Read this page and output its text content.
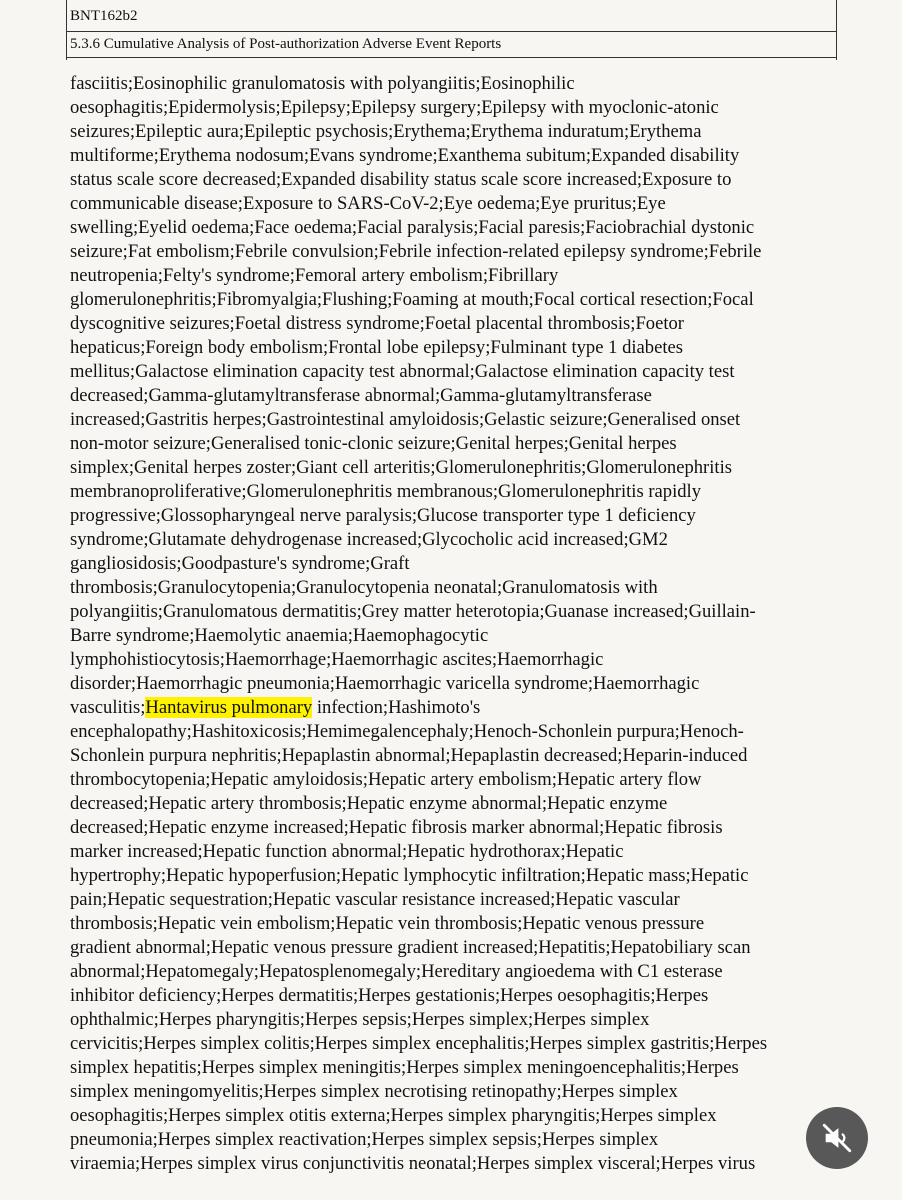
BNT162b2
5.3.6 Cumulative Analysis of Post-authorization Adverse Event Reports
fasciitis;Eosinophilic granulomatosis with polyangiitis;Eosinophilic
oesophagitis;Epidermolysis;Epilepsy;Epilepsy surgery;Epilepsy with myoclonic-atonic
seizures;Epileptic aura;Epileptic psychosis;Erythema;Erythema induratum;Erythema
multiforme;Erythema nodosum;Evans syndrome;Exanthema subitum;Expanded disability
status scale score decreased;Expanded disability status scale score increased;Exposure to
communicable disease;Exposure to SARS-CoV-2;Eye oedema;Eye pruritus;Eye
swelling;Eyelid oedema;Face oedema;Facial paralysis;Facial paresis;Faciobrachial dystonic
seizure;Fat embolism;Febrile convulsion;Febrile infection-related epilepsy syndrome;Febrile
neutropenia;Felty's syndrome;Femoral artery embolism;Fibrillary
glomerulonephritis;Fibromyalgia;Flushing;Foaming at mouth;Focal cortical resection;Focal
dyscognitive seizures;Foetal distress syndrome;Foetal placental thrombosis;Foetor
hepaticus;Foreign body embolism;Frontal lobe epilepsy;Fulminant type 1 diabetes
mellitus;Galactose elimination capacity test abnormal;Galactose elimination capacity test
decreased;Gamma-glutamyltransferase abnormal;Gamma-glutamyltransferase
increased;Gastritis herpes;Gastrointestinal amyloidosis;Gelastic seizure;Generalised onset
non-motor seizure;Generalised tonic-clonic seizure;Genital herpes;Genital herpes
simplex;Genital herpes zoster;Giant cell arteritis;Glomerulonephritis;Glomerulonephritis
membranoproliferative;Glomerulonephritis membranous;Glomerulonephritis rapidly
progressive;Glossopharyngeal nerve paralysis;Glucose transporter type 1 deficiency
syndrome;Glutamate dehydrogenase increased;Glycocholic acid increased;GM2
gangliosidosis;Goodpasture's syndrome;Graft
thrombosis;Granulocytopenia;Granulocytopenia neonatal;Granulomatosis with
polyangiitis;Granulomatous dermatitis;Grey matter heterotopia;Guanase increased;Guillain-
Barre syndrome;Haemolytic anaemia;Haemophagocytic
lymphohistiocytosis;Haemorrhage;Haemorrhagic ascites;Haemorrhagic
disorder;Haemorrhagic pneumonia;Haemorrhagic varicella syndrome;Haemorrhagic
vasculitis;Hantavirus pulmonary infection;Hashimoto's
encephalopathy;Hashitoxicosis;Hemimegalencephaly;Henoch-Schonlein purpura;Henoch-
Schonlein purpura nephritis;Hepaplastin abnormal;Hepaplastin decreased;Heparin-induced
thrombocytopenia;Hepatic amyloidosis;Hepatic artery embolism;Hepatic artery flow
decreased;Hepatic artery thrombosis;Hepatic enzyme abnormal;Hepatic enzyme
decreased;Hepatic enzyme increased;Hepatic fibrosis marker abnormal;Hepatic fibrosis
marker increased;Hepatic function abnormal;Hepatic hydrothorax;Hepatic
hypertrophy;Hepatic hypoperfusion;Hepatic lymphocytic infiltration;Hepatic mass;Hepatic
pain;Hepatic sequestration;Hepatic vascular resistance increased;Hepatic vascular
thrombosis;Hepatic vein embolism;Hepatic vein thrombosis;Hepatic venous pressure
gradient abnormal;Hepatic venous pressure gradient increased;Hepatitis;Hepatobiliary scan
abnormal;Hepatomegaly;Hepatosplenomegaly;Hereditary angioedema with C1 esterase
inhibitor deficiency;Herpes dermatitis;Herpes gestationis;Herpes oesophagitis;Herpes
ophthalmic;Herpes pharyngitis;Herpes sepsis;Herpes simplex;Herpes simplex
cervicitis;Herpes simplex colitis;Herpes simplex encephalitis;Herpes simplex gastritis;Herpes
simplex hepatitis;Herpes simplex meningitis;Herpes simplex meningoencephalitis;Herpes
simplex meningomyelitis;Herpes simplex necrotising retinopathy;Herpes simplex
oesophagitis;Herpes simplex otitis externa;Herpes simplex pharyngitis;Herpes simplex
pneumonia;Herpes simplex reactivation;Herpes simplex sepsis;Herpes simplex
viraemia;Herpes simplex virus conjunctivitis neonatal;Herpes simplex visceral;Herpes virus
